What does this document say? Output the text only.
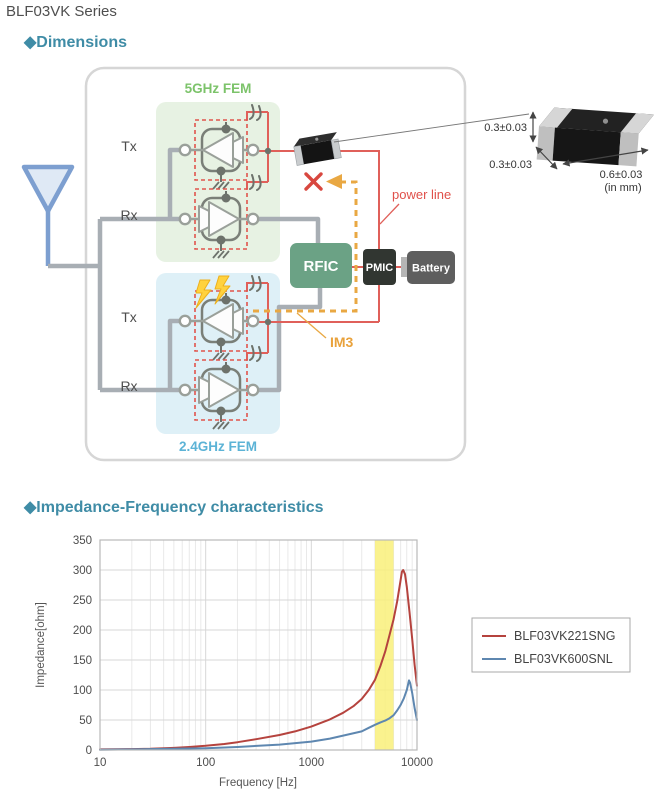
BLF03VK Series
◆Dimensions
RFIC PMIC Battery
5GHz FEM
2.4GHz FEM
Tx
Rx
Tx
Rx
power line
IM3
0.3±0.03
0.3±0.03
0.6±0.03
(in mm)
◆Impedance-Frequency characteristics
0
50
100
150
200
250
300
350
10	100	1000	10000
Frequency [Hz]
Impedance[ohm]	BLF03VK221SNG
BLF03VK600SNL
